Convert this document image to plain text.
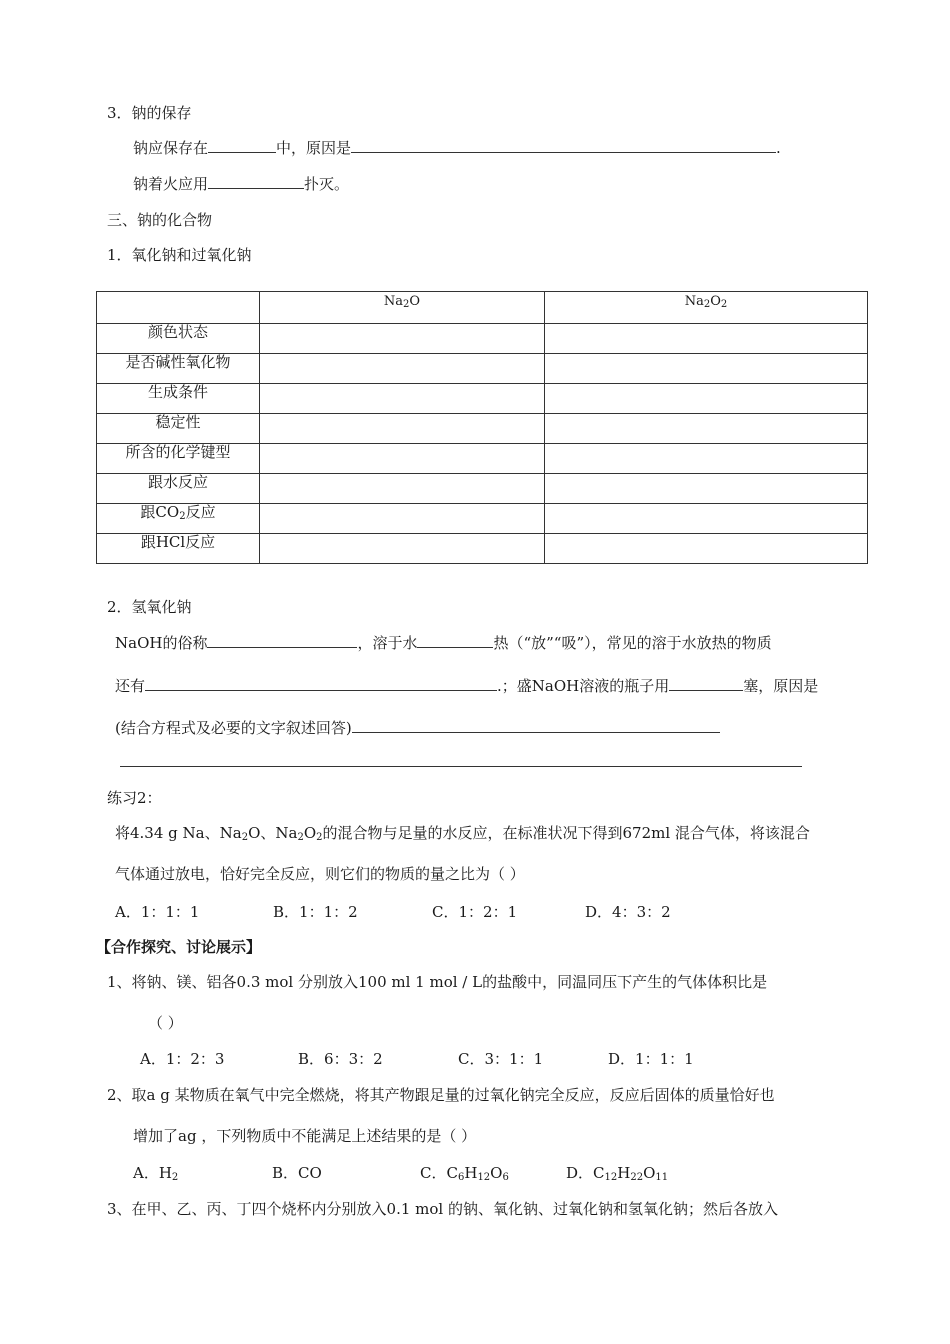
3．钠的保存
钠应保存在	中，原因是	.
钠着火应用	扑灭。
三、钠的化合物
1．氧化钠和过氧化钠
	$Na_2O$	$Na_2O_2$
颜色状态		
是否碱性氧化物		
生成条件		
稳定性		
所含的化学键型		
跟水反应		
跟$CO_2$反应		
跟HCl反应		
2．氢氧化钠
NaOH的俗称	，溶于水	热（“放”“吸”），常见的溶于水放热的物质
还有	.；盛NaOH溶液的瓶子用	塞，原因是
(结合方程式及必要的文字叙述回答)
练习2：
将4.34 g Na、$Na_2O$、$Na_2O_2$的混合物与足量的水反应，在标准状况下得到672ml 混合气体，将该混合
气体通过放电，恰好完全反应，则它们的物质的量之比为（ ）
A．1：1：1	B．1：1：2	C．1：2：1	D．4：3：2
【合作探究、讨论展示】
1、将钠、镁、铝各0.3 mol 分别放入100 ml 1 mol / L的盐酸中，同温同压下产生的气体体积比是
（ ）
A．1：2：3	B．6：3：2	C．3：1：1	D．1：1：1
2、取a g 某物质在氧气中完全燃烧，将其产物跟足量的过氧化钠完全反应，反应后固体的质量恰好也
增加了ag ，下列物质中不能满足上述结果的是（ ）
A．$H_2$	B．CO	C．$C_6H_{12}O_6$	D．$C_{12}H_{22}O_{11}$
3、在甲、乙、丙、丁四个烧杯内分别放入0.1 mol 的钠、氧化钠、过氧化钠和氢氧化钠；然后各放入
